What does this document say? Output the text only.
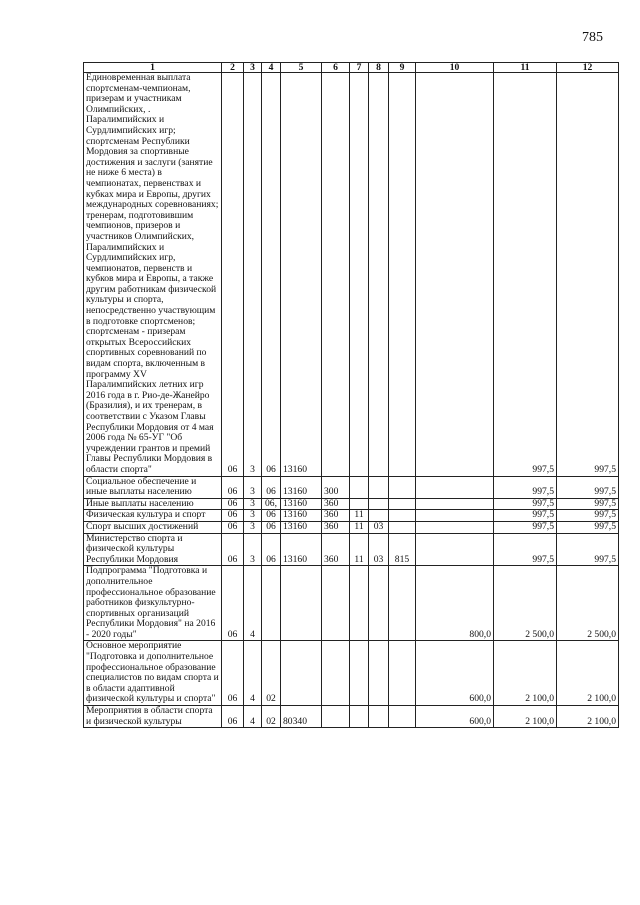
785
1	2	3	4	5	6	7	8	9	10	11	12
Единовременная выплата спортсменам-чемпионам, призерам и участникам Олимпийских, . Паралимпийских и Сурдлимпийских игр; спортсменам Республики Мордовия за спортивные достижения и заслуги (занятие не ниже 6 места) в чемпионатах, первенствах и кубках мира и Европы, других международных соревнованиях; тренерам, подготовившим чемпионов, призеров и участников Олимпийских, Паралимпийских и Сурдлимпийских игр, чемпионатов, первенств и кубков мира и Европы, а также другим работникам физической культуры и спорта, непосредственно участвующим в подготовке спортсменов; спортсменам - призерам открытых Всероссийских спортивных соревнований по видам спорта, включенным в программу XV Паралимпийских летних игр 2016 года в г. Рио-де-Жанейро (Бразилия), и их тренерам, в соответствии с Указом Главы Республики Мордовия от 4 мая 2006 года № 65-УГ "Об учреждении грантов и премий Главы Республики Мордовия в области спорта"	06	3	06	13160						997,5	997,5
Социальное обеспечение и иные выплаты населению	06	3	06	13160	300					997,5	997,5
Иные выплаты населению	06	3	06,	13160	360					997,5	997,5
Физическая культура и спорт	06	3	06	13160	360	11				997,5	997,5
Спорт высших достижений	06	3	06	13160	360	11	03			997,5	997,5
Министерство спорта и физической культуры Республики Мордовия	06	3	06	13160	360	11	03	815		997,5	997,5
Подпрограмма "Подготовка и дополнительное профессиональное образование работников физкультурно-спортивных организаций Республики Мордовия" на 2016 - 2020 годы"	06	4							800,0	2 500,0	2 500,0
Основное мероприятие "Подготовка и дополнительное профессиональное образование специалистов по видам спорта и в области адаптивной физической культуры и спорта"	06	4	02						600,0	2 100,0	2 100,0
Мероприятия в области спорта и физической культуры	06	4	02	80340					600,0	2 100,0	2 100,0
